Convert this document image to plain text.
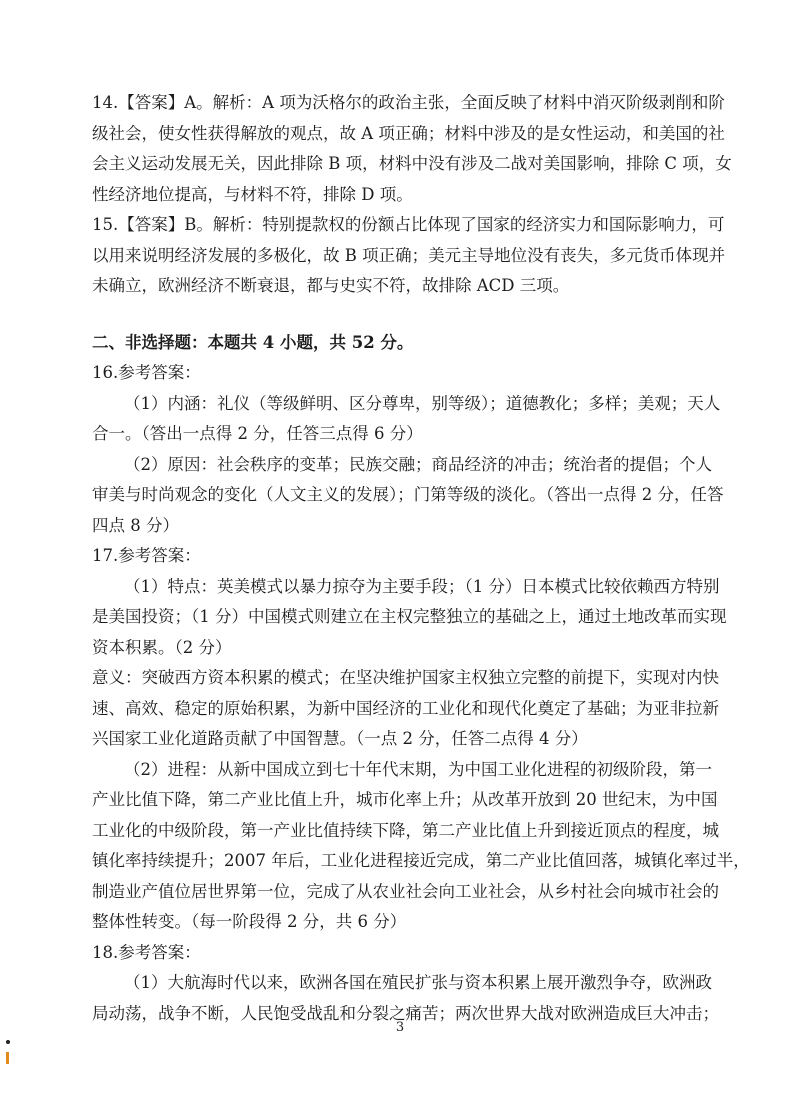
14.【答案】A。解析：A 项为沃格尔的政治主张，全面反映了材料中消灭阶级剥削和阶
级社会，使女性获得解放的观点，故 A 项正确；材料中涉及的是女性运动，和美国的社
会主义运动发展无关，因此排除 B 项，材料中没有涉及二战对美国影响，排除 C 项，女
性经济地位提高，与材料不符，排除 D 项。
15.【答案】B。解析：特别提款权的份额占比体现了国家的经济实力和国际影响力，可
以用来说明经济发展的多极化，故 B 项正确；美元主导地位没有丧失，多元货币体现并
未确立，欧洲经济不断衰退，都与史实不符，故排除 ACD 三项。
二、非选择题：本题共 4 小题，共 52 分。
16.参考答案：
（1）内涵：礼仪（等级鲜明、区分尊卑，别等级）；道德教化；多样；美观；天人
合一。（答出一点得 2 分，任答三点得 6 分）
（2）原因：社会秩序的变革；民族交融；商品经济的冲击；统治者的提倡；个人
审美与时尚观念的变化（人文主义的发展）；门第等级的淡化。（答出一点得 2 分，任答
四点 8 分）
17.参考答案：
（1）特点：英美模式以暴力掠夺为主要手段；（1 分）日本模式比较依赖西方特别
是美国投资；（1 分）中国模式则建立在主权完整独立的基础之上，通过土地改革而实现
资本积累。（2 分）
意义：突破西方资本积累的模式；在坚决维护国家主权独立完整的前提下，实现对内快
速、高效、稳定的原始积累，为新中国经济的工业化和现代化奠定了基础；为亚非拉新
兴国家工业化道路贡献了中国智慧。（一点 2 分，任答二点得 4 分）
（2）进程：从新中国成立到七十年代末期，为中国工业化进程的初级阶段，第一
产业比值下降，第二产业比值上升，城市化率上升；从改革开放到 20 世纪末，为中国
工业化的中级阶段，第一产业比值持续下降，第二产业比值上升到接近顶点的程度，城
镇化率持续提升；2007 年后，工业化进程接近完成，第二产业比值回落，城镇化率过半，
制造业产值位居世界第一位，完成了从农业社会向工业社会，从乡村社会向城市社会的
整体性转变。（每一阶段得 2 分，共 6 分）
18.参考答案：
（1）大航海时代以来，欧洲各国在殖民扩张与资本积累上展开激烈争夺，欧洲政
局动荡，战争不断，人民饱受战乱和分裂之痛苦；两次世界大战对欧洲造成巨大冲击；
3
